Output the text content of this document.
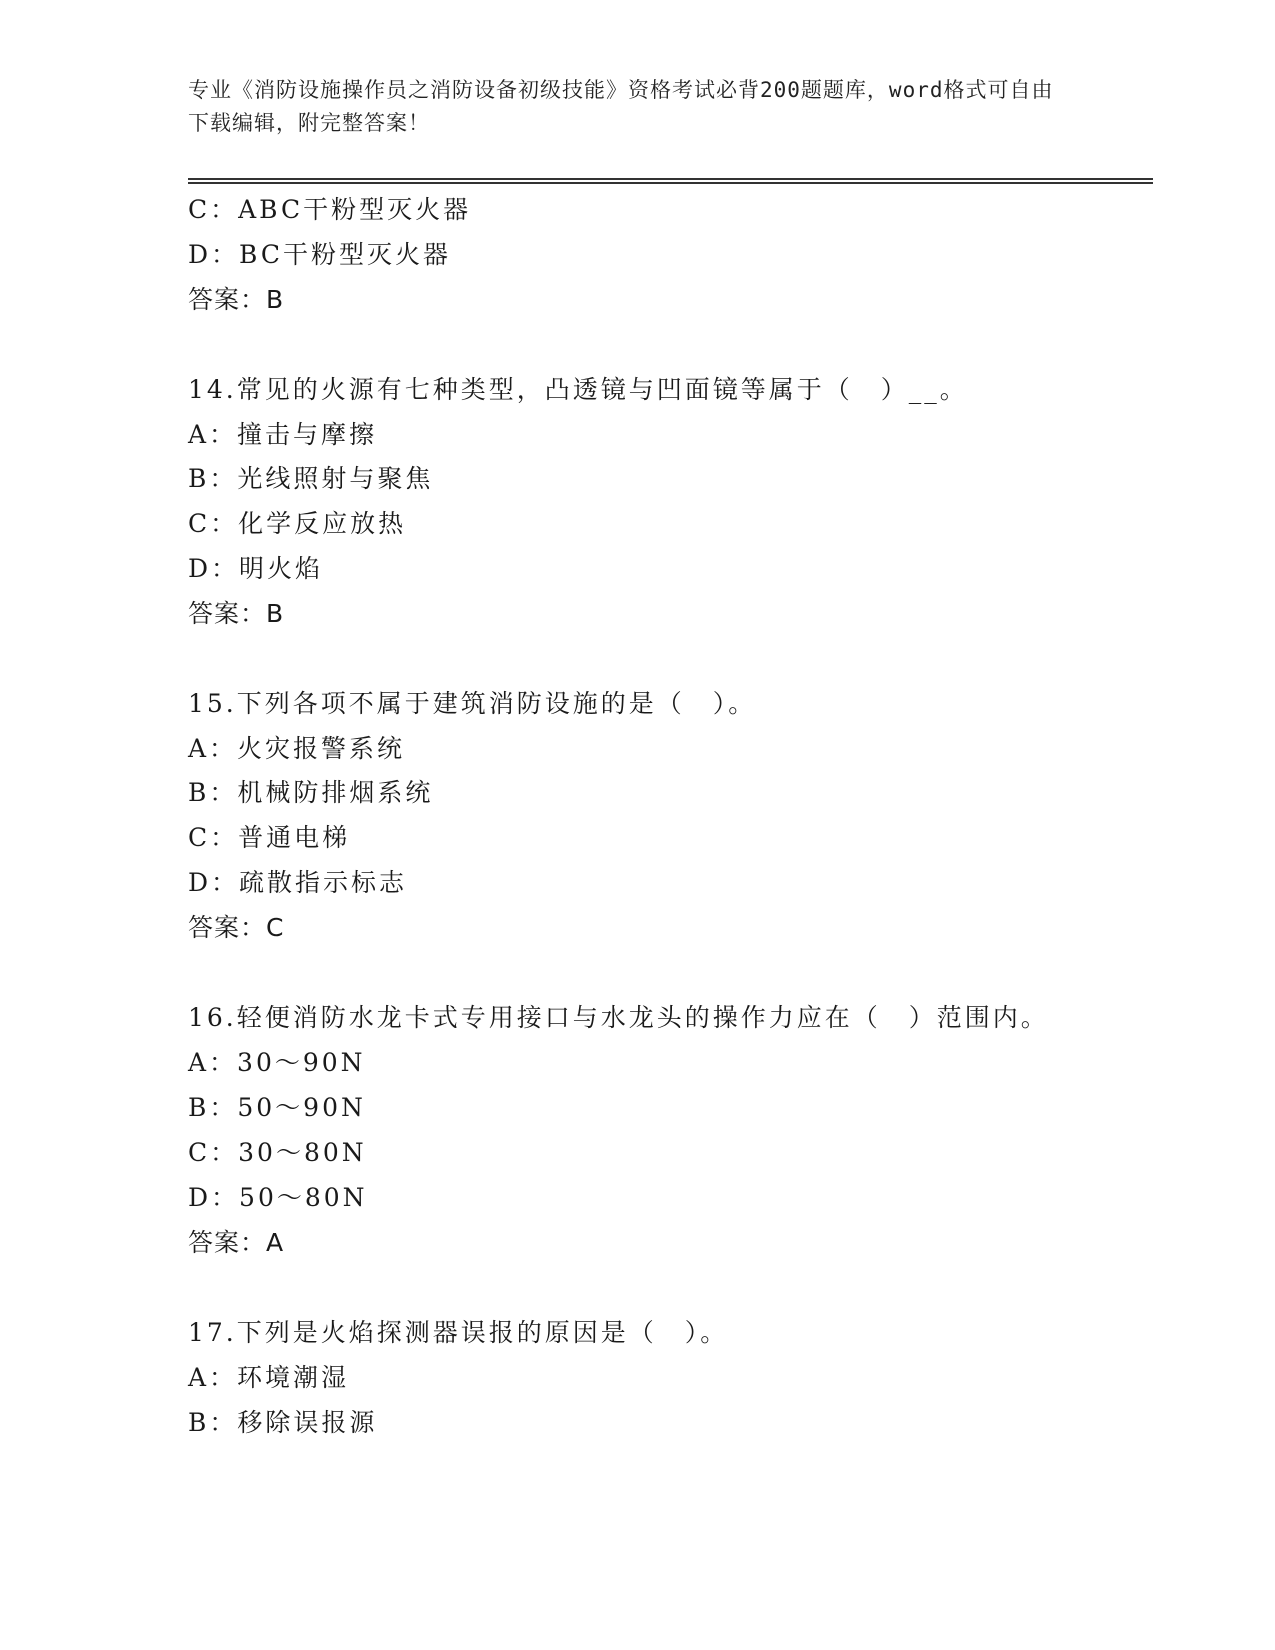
专业《消防设施操作员之消防设备初级技能》资格考试必背200题题库，word格式可自由下载编辑，附完整答案！
C：ABC干粉型灭火器
D：BC干粉型灭火器
答案：B
14.常见的火源有七种类型，凸透镜与凹面镜等属于（　）__。
A：撞击与摩擦
B：光线照射与聚焦
C：化学反应放热
D：明火焰
答案：B
15.下列各项不属于建筑消防设施的是（　）。
A：火灾报警系统
B：机械防排烟系统
C：普通电梯
D：疏散指示标志
答案：C
16.轻便消防水龙卡式专用接口与水龙头的操作力应在（　）范围内。
A：30～90N
B：50～90N
C：30～80N
D：50～80N
答案：A
17.下列是火焰探测器误报的原因是（　）。
A：环境潮湿
B：移除误报源
